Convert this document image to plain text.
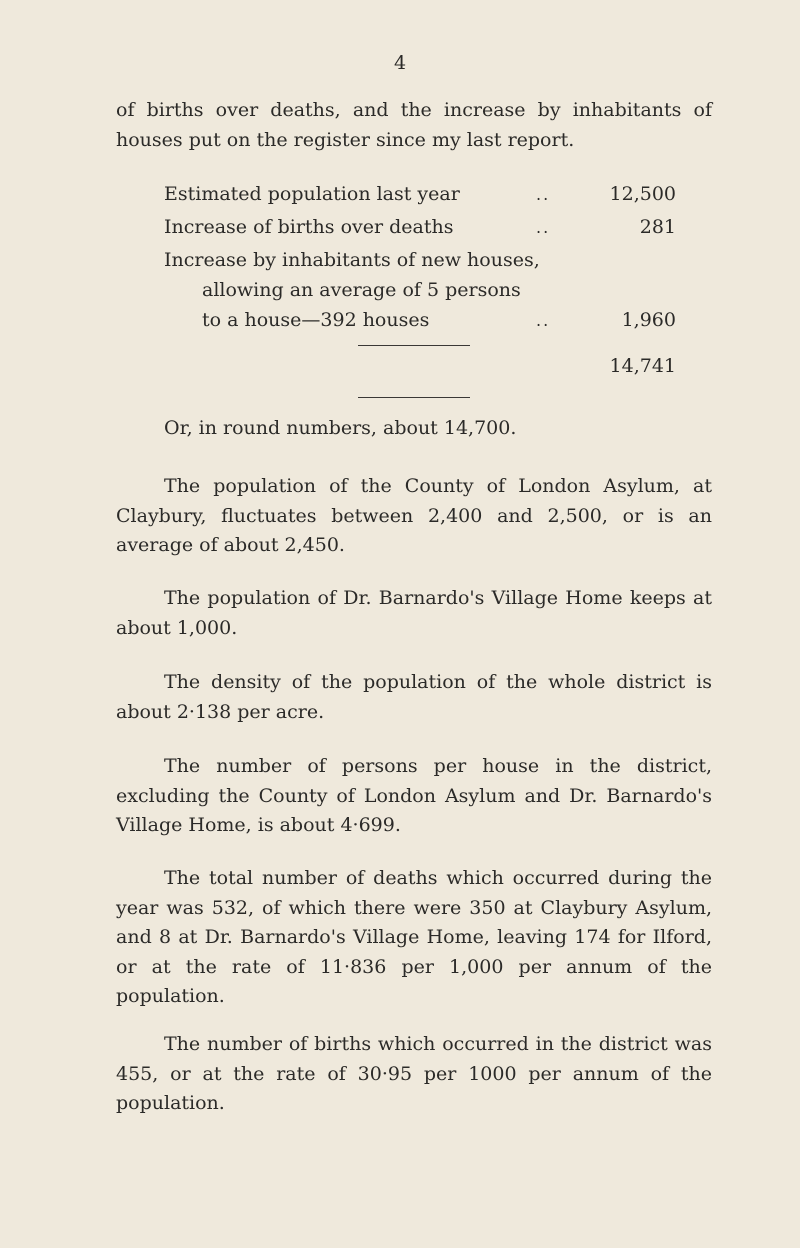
4

of births over deaths, and the increase by inhabitants of houses put on the register since my last report.

Estimated population last year	..	12,500
Increase of births over deaths	..	281
Increase by inhabitants of new houses,
allowing an average of 5 persons
to a house—392 houses	..	1,960
14,741

Or, in round numbers, about 14,700.

The population of the County of London Asylum, at Claybury, fluctuates between 2,400 and 2,500, or is an average of about 2,450.

The population of Dr. Barnardo's Village Home keeps at about 1,000.

The density of the population of the whole district is about 2·138 per acre.

The number of persons per house in the district, excluding the County of London Asylum and Dr. Barnardo's Village Home, is about 4·699.

The total number of deaths which occurred during the year was 532, of which there were 350 at Claybury Asylum, and 8 at Dr. Barnardo's Village Home, leaving 174 for Ilford, or at the rate of 11·836 per 1,000 per annum of the population.

The number of births which occurred in the district was 455, or at the rate of 30·95 per 1000 per annum of the population.
